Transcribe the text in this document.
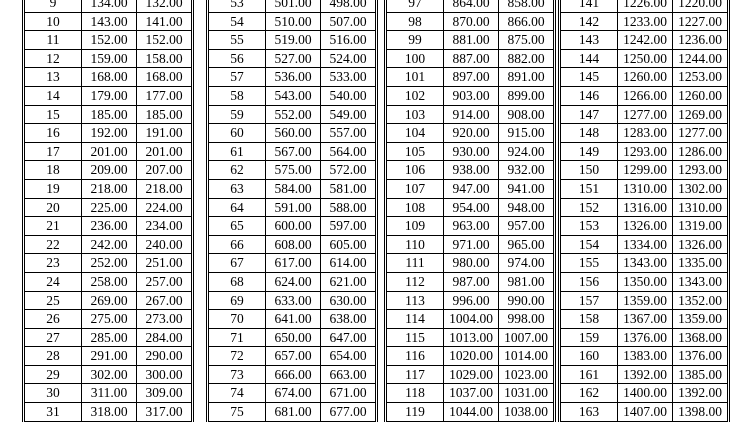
9	134.00	132.00
10	143.00	141.00
11	152.00	152.00
12	159.00	158.00
13	168.00	168.00
14	179.00	177.00
15	185.00	185.00
16	192.00	191.00
17	201.00	201.00
18	209.00	207.00
19	218.00	218.00
20	225.00	224.00
21	236.00	234.00
22	242.00	240.00
23	252.00	251.00
24	258.00	257.00
25	269.00	267.00
26	275.00	273.00
27	285.00	284.00
28	291.00	290.00
29	302.00	300.00
30	311.00	309.00
31	318.00	317.00
53	501.00	498.00
54	510.00	507.00
55	519.00	516.00
56	527.00	524.00
57	536.00	533.00
58	543.00	540.00
59	552.00	549.00
60	560.00	557.00
61	567.00	564.00
62	575.00	572.00
63	584.00	581.00
64	591.00	588.00
65	600.00	597.00
66	608.00	605.00
67	617.00	614.00
68	624.00	621.00
69	633.00	630.00
70	641.00	638.00
71	650.00	647.00
72	657.00	654.00
73	666.00	663.00
74	674.00	671.00
75	681.00	677.00
97	864.00	858.00
98	870.00	866.00
99	881.00	875.00
100	887.00	882.00
101	897.00	891.00
102	903.00	899.00
103	914.00	908.00
104	920.00	915.00
105	930.00	924.00
106	938.00	932.00
107	947.00	941.00
108	954.00	948.00
109	963.00	957.00
110	971.00	965.00
111	980.00	974.00
112	987.00	981.00
113	996.00	990.00
114	1004.00	998.00
115	1013.00	1007.00
116	1020.00	1014.00
117	1029.00	1023.00
118	1037.00	1031.00
119	1044.00	1038.00
141	1226.00	1220.00
142	1233.00	1227.00
143	1242.00	1236.00
144	1250.00	1244.00
145	1260.00	1253.00
146	1266.00	1260.00
147	1277.00	1269.00
148	1283.00	1277.00
149	1293.00	1286.00
150	1299.00	1293.00
151	1310.00	1302.00
152	1316.00	1310.00
153	1326.00	1319.00
154	1334.00	1326.00
155	1343.00	1335.00
156	1350.00	1343.00
157	1359.00	1352.00
158	1367.00	1359.00
159	1376.00	1368.00
160	1383.00	1376.00
161	1392.00	1385.00
162	1400.00	1392.00
163	1407.00	1398.00
